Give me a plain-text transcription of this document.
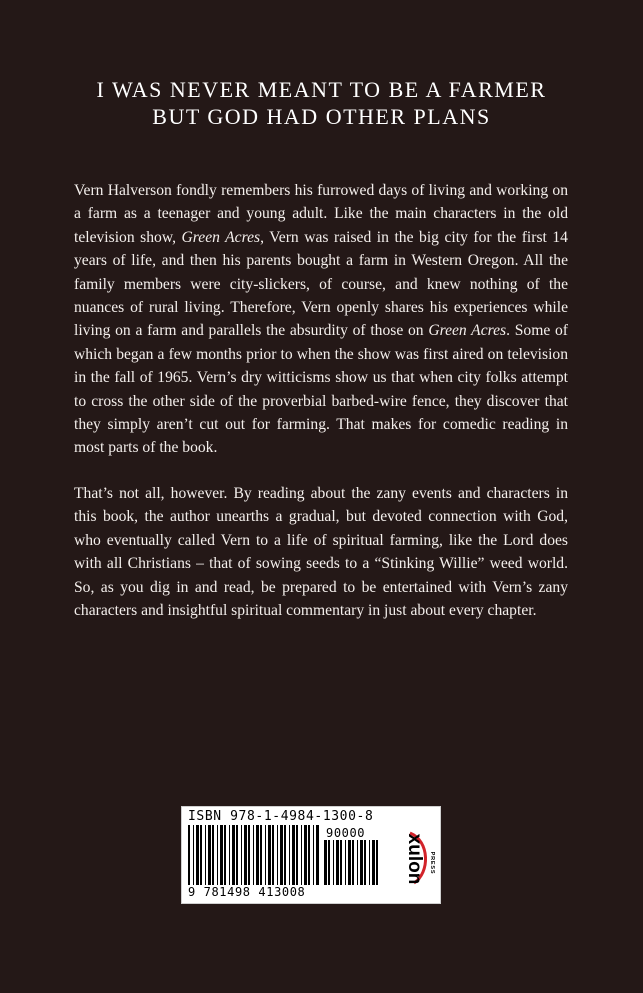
I WAS NEVER MEANT TO BE A FARMER
BUT GOD HAD OTHER PLANS

Vern Halverson fondly remembers his furrowed days of living and working on a farm as a teenager and young adult. Like the main characters in the old television show, Green Acres, Vern was raised in the big city for the first 14 years of life, and then his parents bought a farm in Western Oregon. All the family members were city-slickers, of course, and knew nothing of the nuances of rural living. Therefore, Vern openly shares his experiences while living on a farm and parallels the absurdity of those on Green Acres. Some of which began a few months prior to when the show was first aired on television in the fall of 1965. Vern’s dry witticisms show us that when city folks attempt to cross the other side of the proverbial barbed-wire fence, they discover that they simply aren’t cut out for farming. That makes for comedic reading in most parts of the book.

That’s not all, however. By reading about the zany events and characters in this book, the author unearths a gradual, but devoted connection with God, who eventually called Vern to a life of spiritual farming, like the Lord does with all Christians – that of sowing seeds to a “Stinking Willie” weed world. So, as you dig in and read, be prepared to be entertained with Vern’s zany characters and insightful spiritual commentary in just about every chapter.

ISBN 978-1-4984-1300-8
90000
9 781498 413008
xulon PRESS
